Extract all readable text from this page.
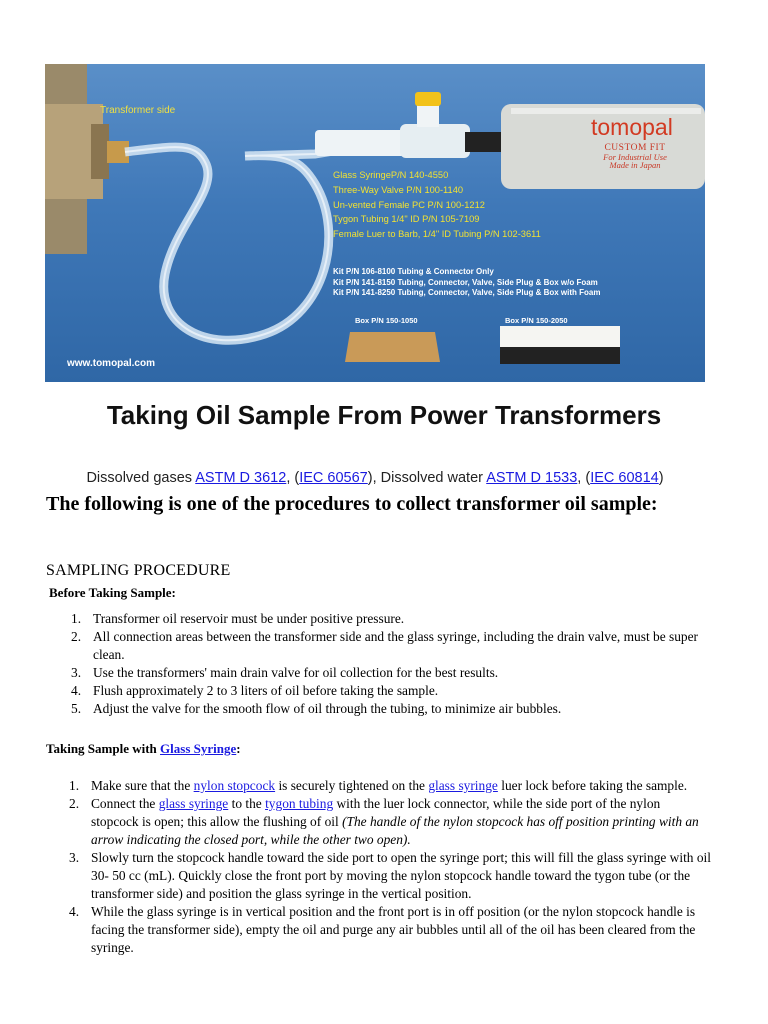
Transformer side
tomopal
CUSTOM FIT
For Industrial Use
Made in Japan
Glass SyringeP/N 140-4550
Three-Way Valve P/N 100-1140
Un-vented Female PC P/N 100-1212
Tygon Tubing 1/4" ID P/N 105-7109
Female Luer to Barb, 1/4" ID Tubing P/N 102-3611
Kit P/N 106-8100 Tubing & Connector Only
Kit P/N 141-8150 Tubing, Connector, Valve, Side Plug & Box w/o Foam
Kit P/N 141-8250 Tubing, Connector, Valve, Side Plug & Box with Foam
Box P/N 150-1050	Box P/N 150-2050
www.tomopal.com
Taking Oil Sample From Power Transformers
Dissolved gases ASTM D 3612, (IEC 60567), Dissolved water ASTM D 1533, (IEC 60814)
The following is one of the procedures to collect transformer oil sample:
SAMPLING PROCEDURE
Before Taking Sample:
1. Transformer oil reservoir must be under positive pressure.
2. All connection areas between the transformer side and the glass syringe, including the drain valve, must be super clean.
3. Use the transformers' main drain valve for oil collection for the best results.
4. Flush approximately 2 to 3 liters of oil before taking the sample.
5. Adjust the valve for the smooth flow of oil through the tubing, to minimize air bubbles.
Taking Sample with Glass Syringe:
1. Make sure that the nylon stopcock is securely tightened on the glass syringe luer lock before taking the sample.
2. Connect the glass syringe to the tygon tubing with the luer lock connector, while the side port of the nylon stopcock is open; this allow the flushing of oil (The handle of the nylon stopcock has off position printing with an arrow indicating the closed port, while the other two open).
3. Slowly turn the stopcock handle toward the side port to open the syringe port; this will fill the glass syringe with oil 30- 50 cc (mL). Quickly close the front port by moving the nylon stopcock handle toward the tygon tube (or the transformer side) and position the glass syringe in the vertical position.
4. While the glass syringe is in vertical position and the front port is in off position (or the nylon stopcock handle is facing the transformer side), empty the oil and purge any air bubbles until all of the oil has been cleared from the syringe.
